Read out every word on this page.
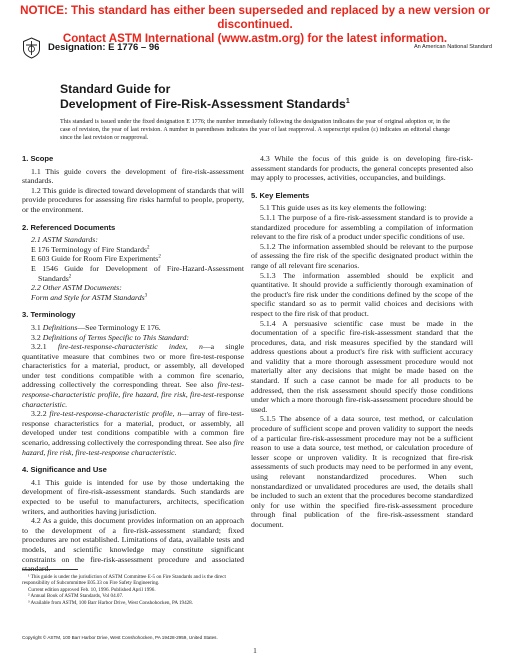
NOTICE: This standard has either been superseded and replaced by a new version or discontinued.
Contact ASTM International (www.astm.org) for the latest information.
Designation: E 1776 – 96	An American National Standard
Standard Guide for
Development of Fire-Risk-Assessment Standards$^1$
This standard is issued under the fixed designation E 1776; the number immediately following the designation indicates the year of original adoption or, in the case of revision, the year of last revision. A number in parentheses indicates the year of last reapproval. A superscript epsilon (ε) indicates an editorial change since the last revision or reapproval.
1. Scope

1.1 This guide covers the development of fire-risk-assessment standards.

1.2 This guide is directed toward development of standards that will provide procedures for assessing fire risks harmful to people, property, or the environment.

2. Referenced Documents
2.1 ASTM Standards:
E 176 Terminology of Fire Standards$^2$
E 603 Guide for Room Fire Experiments$^2$
E 1546 Guide for Development of Fire-Hazard-Assessment Standards$^2$
2.2 Other ASTM Documents:
Form and Style for ASTM Standards$^3$
3. Terminology

3.1 Definitions—See Terminology E 176.

3.2 Definitions of Terms Specific to This Standard:

3.2.1 fire-test-response-characteristic index, n—a single quantitative measure that combines two or more fire-test-response characteristics for a material, product, or assembly, all developed under test conditions compatible with a common fire scenario, addressing collectively the corresponding threat. See also fire-test-response-characteristic profile, fire hazard, fire risk, fire-test-response characteristic.

3.2.2 fire-test-response-characteristic profile, n—array of fire-test-response characteristics for a material, product, or assembly, all developed under test conditions compatible with a common fire scenario, addressing collectively the corresponding threat. See also fire hazard, fire risk, fire-test-response characteristic.

4. Significance and Use

4.1 This guide is intended for use by those undertaking the development of fire-risk-assessment standards. Such standards are expected to be useful to manufacturers, architects, specification writers, and authorities having jurisdiction.

4.2 As a guide, this document provides information on an approach to the development of a fire-risk-assessment standard; fixed procedures are not established. Limitations of data, available tests and models, and scientific knowledge may constitute significant constraints on the fire-risk-assessment procedure and associated standard.

4.3 While the focus of this guide is on developing fire-risk-assessment standards for products, the general concepts presented also may apply to processes, activities, occupancies, and buildings.

5. Key Elements

5.1 This guide uses as its key elements the following:

5.1.1 The purpose of a fire-risk-assessment standard is to provide a standardized procedure for assembling a compilation of information relevant to the fire risk of a product under specific conditions of use.

5.1.2 The information assembled should be relevant to the purpose of assessing the fire risk of the specific designated product within the range of all relevant fire scenarios.

5.1.3 The information assembled should be explicit and quantitative. It should provide a sufficiently thorough examination of the product's fire risk under the conditions defined by the scope of the specific standard so as to permit valid choices and decisions with respect to the fire risk of that product.

5.1.4 A persuasive scientific case must be made in the documentation of a specific fire-risk-assessment standard that the procedures, data, and risk measures specified by the standard will address questions about a product's fire risk with sufficient accuracy and validity that a more thorough assessment procedure would not materially alter any decisions that might be made based on the standard. If such a case cannot be made for all products to be addressed, then the risk assessment should specify those conditions under which a more thorough fire-risk-assessment procedure should be used.

5.1.5 The absence of a data source, test method, or calculation procedure of sufficient scope and proven validity to support the needs of a particular fire-risk-assessment procedure may not be a sufficient reason to use a data source, test method, or calculation procedure of lesser scope or unproven validity. It is recognized that fire-risk assessments of such products may need to be performed in any event, using relevant nonstandardized procedures. When such nonstandardized or unvalidated procedures are used, the details shall be included to such an extent that the procedures become standardized only for use within the specified fire-risk-assessment procedure through final publication of the fire-risk-assessment standard document.

¹ This guide is under the jurisdiction of ASTM Committee E-5 on Fire Standards and is the direct responsibility of Subcommittee E05.33 on Fire Safety Engineering.
Current edition approved Feb. 10, 1996. Published April 1996.
² Annual Book of ASTM Standards, Vol 04.07.
³ Available from ASTM, 100 Barr Harbor Drive, West Conshohocken, PA 19428.
Copyright © ASTM, 100 Barr Harbor Drive, West Conshohocken, PA 19428-2959, United States.
1
